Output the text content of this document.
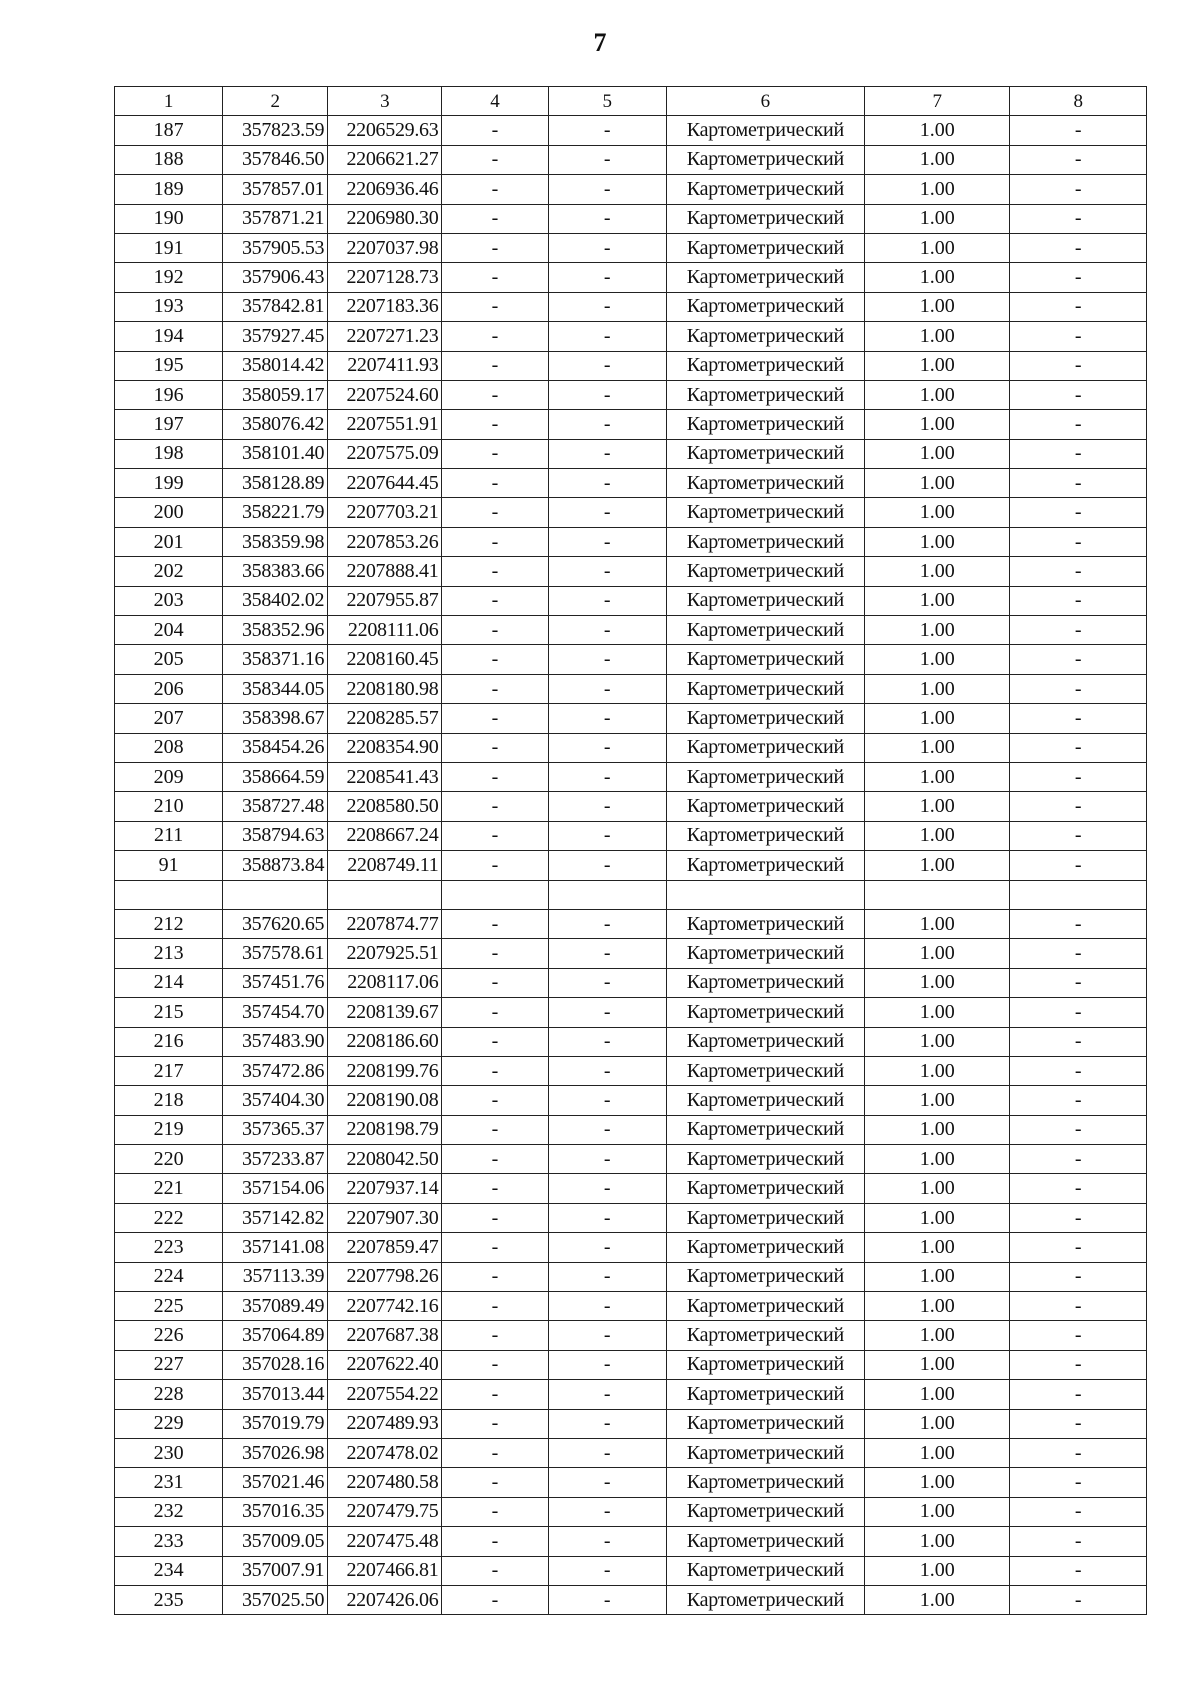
7
1	2	3	4	5	6	7	8
187	357823.59	2206529.63	-	-	Картометрический	1.00	-
188	357846.50	2206621.27	-	-	Картометрический	1.00	-
189	357857.01	2206936.46	-	-	Картометрический	1.00	-
190	357871.21	2206980.30	-	-	Картометрический	1.00	-
191	357905.53	2207037.98	-	-	Картометрический	1.00	-
192	357906.43	2207128.73	-	-	Картометрический	1.00	-
193	357842.81	2207183.36	-	-	Картометрический	1.00	-
194	357927.45	2207271.23	-	-	Картометрический	1.00	-
195	358014.42	2207411.93	-	-	Картометрический	1.00	-
196	358059.17	2207524.60	-	-	Картометрический	1.00	-
197	358076.42	2207551.91	-	-	Картометрический	1.00	-
198	358101.40	2207575.09	-	-	Картометрический	1.00	-
199	358128.89	2207644.45	-	-	Картометрический	1.00	-
200	358221.79	2207703.21	-	-	Картометрический	1.00	-
201	358359.98	2207853.26	-	-	Картометрический	1.00	-
202	358383.66	2207888.41	-	-	Картометрический	1.00	-
203	358402.02	2207955.87	-	-	Картометрический	1.00	-
204	358352.96	2208111.06	-	-	Картометрический	1.00	-
205	358371.16	2208160.45	-	-	Картометрический	1.00	-
206	358344.05	2208180.98	-	-	Картометрический	1.00	-
207	358398.67	2208285.57	-	-	Картометрический	1.00	-
208	358454.26	2208354.90	-	-	Картометрический	1.00	-
209	358664.59	2208541.43	-	-	Картометрический	1.00	-
210	358727.48	2208580.50	-	-	Картометрический	1.00	-
211	358794.63	2208667.24	-	-	Картометрический	1.00	-
91	358873.84	2208749.11	-	-	Картометрический	1.00	-

212	357620.65	2207874.77	-	-	Картометрический	1.00	-
213	357578.61	2207925.51	-	-	Картометрический	1.00	-
214	357451.76	2208117.06	-	-	Картометрический	1.00	-
215	357454.70	2208139.67	-	-	Картометрический	1.00	-
216	357483.90	2208186.60	-	-	Картометрический	1.00	-
217	357472.86	2208199.76	-	-	Картометрический	1.00	-
218	357404.30	2208190.08	-	-	Картометрический	1.00	-
219	357365.37	2208198.79	-	-	Картометрический	1.00	-
220	357233.87	2208042.50	-	-	Картометрический	1.00	-
221	357154.06	2207937.14	-	-	Картометрический	1.00	-
222	357142.82	2207907.30	-	-	Картометрический	1.00	-
223	357141.08	2207859.47	-	-	Картометрический	1.00	-
224	357113.39	2207798.26	-	-	Картометрический	1.00	-
225	357089.49	2207742.16	-	-	Картометрический	1.00	-
226	357064.89	2207687.38	-	-	Картометрический	1.00	-
227	357028.16	2207622.40	-	-	Картометрический	1.00	-
228	357013.44	2207554.22	-	-	Картометрический	1.00	-
229	357019.79	2207489.93	-	-	Картометрический	1.00	-
230	357026.98	2207478.02	-	-	Картометрический	1.00	-
231	357021.46	2207480.58	-	-	Картометрический	1.00	-
232	357016.35	2207479.75	-	-	Картометрический	1.00	-
233	357009.05	2207475.48	-	-	Картометрический	1.00	-
234	357007.91	2207466.81	-	-	Картометрический	1.00	-
235	357025.50	2207426.06	-	-	Картометрический	1.00	-
